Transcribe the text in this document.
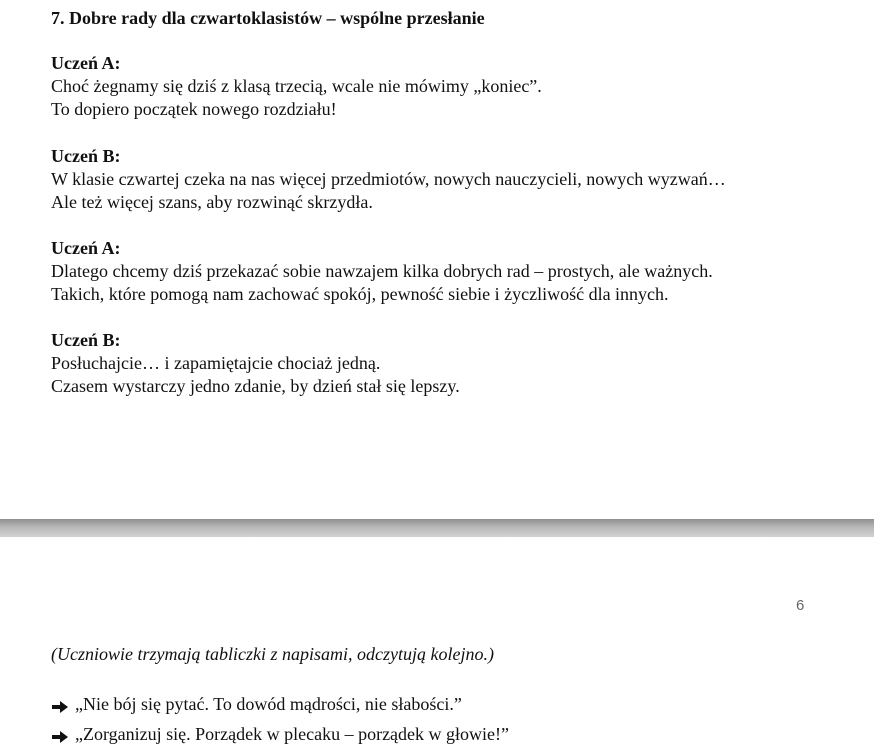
7. Dobre rady dla czwartoklasistów – wspólne przesłanie
Uczeń A:
Choć żegnamy się dziś z klasą trzecią, wcale nie mówimy „koniec”.
To dopiero początek nowego rozdziału!
Uczeń B:
W klasie czwartej czeka na nas więcej przedmiotów, nowych nauczycieli, nowych wyzwań…
Ale też więcej szans, aby rozwinąć skrzydła.
Uczeń A:
Dlatego chcemy dziś przekazać sobie nawzajem kilka dobrych rad – prostych, ale ważnych.
Takich, które pomogą nam zachować spokój, pewność siebie i życzliwość dla innych.
Uczeń B:
Posłuchajcie… i zapamiętajcie chociaż jedną.
Czasem wystarczy jedno zdanie, by dzień stał się lepszy.
6
(Uczniowie trzymają tabliczki z napisami, odczytują kolejno.)
„Nie bój się pytać. To dowód mądrości, nie słabości.”
„Zorganizuj się. Porządek w plecaku – porządek w głowie!”
